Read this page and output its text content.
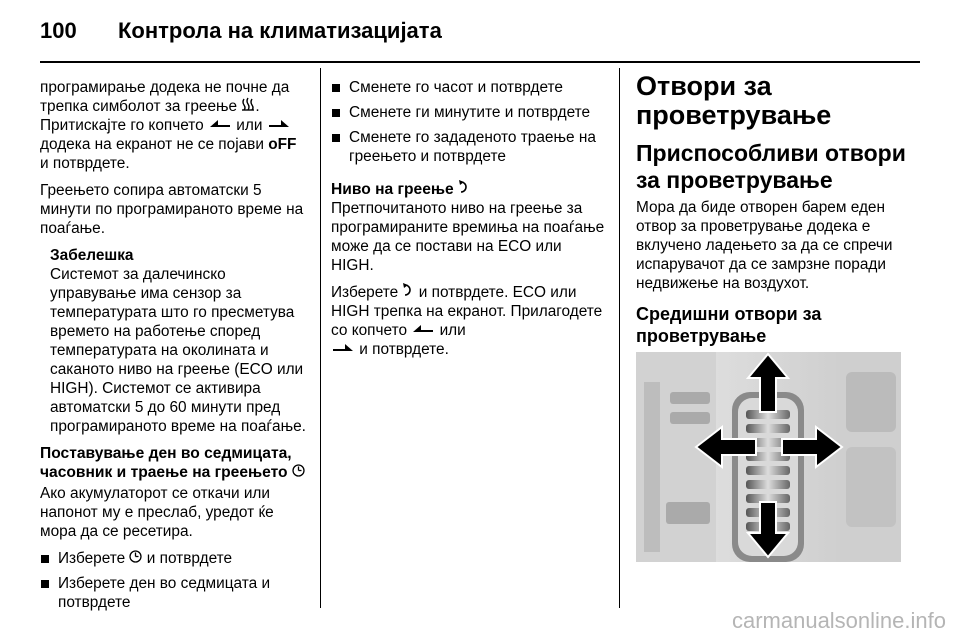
100 Контрола на климатизацијата

програмирање додека не почне да трепка симболот за греење . Притискајте го копчето  или  додека на екранот не се појави oFF и потврдете.

Греењето сопира автоматски 5 минути по програмираното време на поаѓање.

Забелешка
Системот за далечинско управување има сензор за температурата што го пресметува времето на работење според температурата на околината и саканото ниво на греење (ECO или HIGH). Системот се активира автоматски 5 до 60 минути пред програмираното време на поаѓање.
Поставување ден во седмицата, часовник и траење на греењето

Ако акумулаторот се откачи или напонот му е преслаб, уредот ќе мора да се ресетира.

Изберете  и потврдете
Изберете ден во седмицата и потврдете
Сменете го часот и потврдете
Сменете ги минутите и потврдете
Сменете го зададеното траење на греењето и потврдете
Ниво на греење

Претпочитаното ниво на греење за програмираните времиња на поаѓање може да се постави на ECO или HIGH.

Изберете  и потврдете. ECO или HIGH трепка на екранот. Прилагодете со копчето  или
и потврдете.

Отвори за проветрување
Приспособливи отвори за проветрување

Мора да биде отворен барем еден отвор за проветрување додека е вклучено ладењето за да се спречи испарувачот да се замрзне поради недвижење на воздухот.

Средишни отвори за проветрување
carmanualsonline.info
